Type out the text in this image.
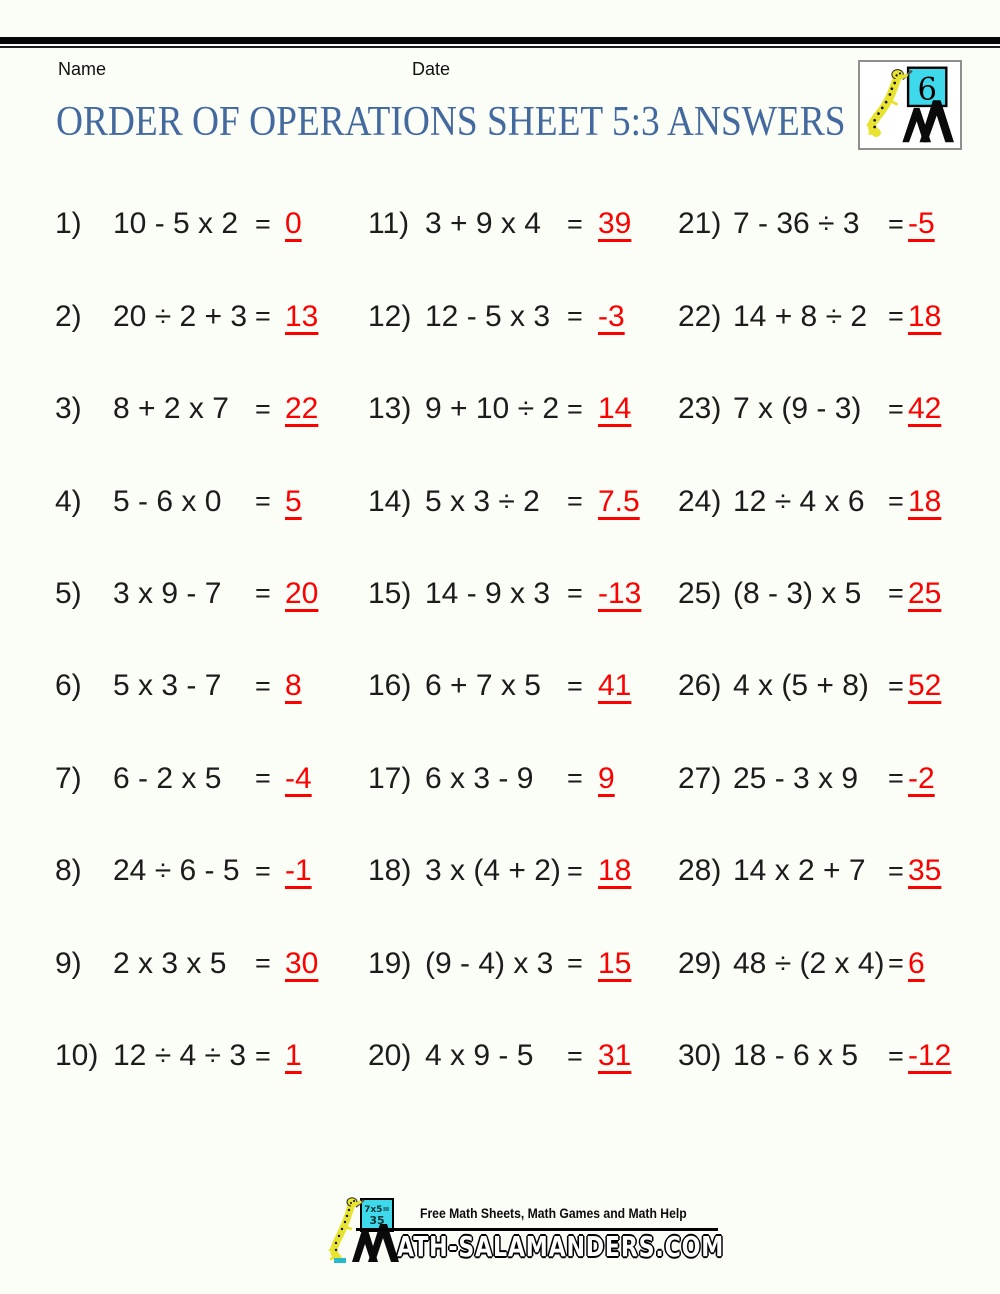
Name	Date
ORDER OF OPERATIONS SHEET 5:3 ANSWERS
6
1)	10 - 5 x 2 = 0
2)	20 ÷ 2 + 3 = 13
3)	8 + 2 x 7 = 22
4)	5 - 6 x 0	= 5
5)	3 x 9 - 7	= 20
6)	5 x 3 - 7	= 8
7)	6 - 2 x 5	= -4
8)	24 ÷ 6 - 5 = -1
9)	2 x 3 x 5	= 30
10) 12 ÷ 4 ÷ 3 = 1
11) 3 + 9 x 4 = 39
12) 12 - 5 x 3 = -3
13) 9 + 10 ÷ 2 = 14
14) 5 x 3 ÷ 2	= 7.5
15) 14 - 9 x 3 = -13
16) 6 + 7 x 5 = 41
17) 6 x 3 - 9	= 9
18) 3 x (4 + 2) = 18
19) (9 - 4) x 3 = 15
20) 4 x 9 - 5	= 31
21) 7 - 36 ÷ 3	= -5
22) 14 + 8 ÷ 2 = 18
23) 7 x (9 - 3) = 42
24) 12 ÷ 4 x 6 = 18
25) (8 - 3) x 5 = 25
26) 4 x (5 + 8) = 52
27) 25 - 3 x 9	= -2
28) 14 x 2 + 7 = 35
29) 48 ÷ (2 x 4) = 6
30) 18 - 6 x 5	= -12
7x5=
35	Free Math Sheets, Math Games and Math Help
ATH-SALAMANDERS.COM
